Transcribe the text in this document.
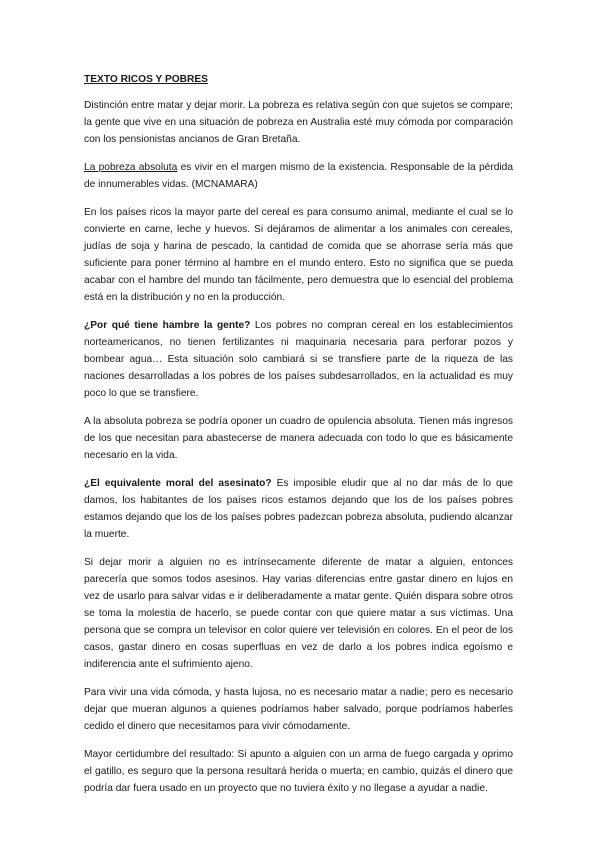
TEXTO RICOS Y POBRES

Distinción entre matar y dejar morir. La pobreza es relativa según con que sujetos se compare; la gente que vive en una situación de pobreza en Australia esté muy cómoda por comparación con los pensionistas ancianos de Gran Bretaña.

La pobreza absoluta es vivir en el margen mismo de la existencia. Responsable de la pérdida de innumerables vidas. (MCNAMARA)

En los países ricos la mayor parte del cereal es para consumo animal, mediante el cual se lo convierte en carne, leche y huevos. Si dejáramos de alimentar a los animales con cereales, judías de soja y harina de pescado, la cantidad de comida que se ahorrase sería más que suficiente para poner término al hambre en el mundo entero. Esto no significa que se pueda acabar con el hambre del mundo tan fácilmente, pero demuestra que lo esencial del problema está en la distribución y no en la producción.

¿Por qué tiene hambre la gente? Los pobres no compran cereal en los establecimientos norteamericanos, no tienen fertilizantes ni maquinaria necesaria para perforar pozos y bombear agua… Esta situación solo cambiará si se transfiere parte de la riqueza de las naciones desarrolladas a los pobres de los países subdesarrollados, en la actualidad es muy poco lo que se transfiere.

A la absoluta pobreza se podría oponer un cuadro de opulencia absoluta. Tienen más ingresos de los que necesitan para abastecerse de manera adecuada con todo lo que es básicamente necesario en la vida.

¿El equivalente moral del asesinato? Es imposible eludir que al no dar más de lo que damos, los habitantes de los países ricos estamos dejando que los de los países pobres estamos dejando que los de los países pobres padezcan pobreza absoluta, pudiendo alcanzar la muerte.

Si dejar morir a alguien no es intrínsecamente diferente de matar a alguien, entonces parecería que somos todos asesinos. Hay varias diferencias entre gastar dinero en lujos en vez de usarlo para salvar vidas e ir deliberadamente a matar gente. Quién dispara sobre otros se toma la molestia de hacerlo, se puede contar con que quiere matar a sus víctimas. Una persona que se compra un televisor en color quiere ver televisión en colores. En el peor de los casos, gastar dinero en cosas superfluas en vez de darlo a los pobres indica egoísmo e indiferencia ante el sufrimiento ajeno.

Para vivir una vida cómoda, y hasta lujosa, no es necesario matar a nadie; pero es necesario dejar que mueran algunos a quienes podríamos haber salvado, porque podríamos haberles cedido el dinero que necesitamos para vivir cómodamente.

Mayor certidumbre del resultado: Si apunto a alguien con un arma de fuego cargada y oprimo el gatillo, es seguro que la persona resultará herida o muerta; en cambio, quizás el dinero que podría dar fuera usado en un proyecto que no tuviera éxito y no llegase a ayudar a nadie.
